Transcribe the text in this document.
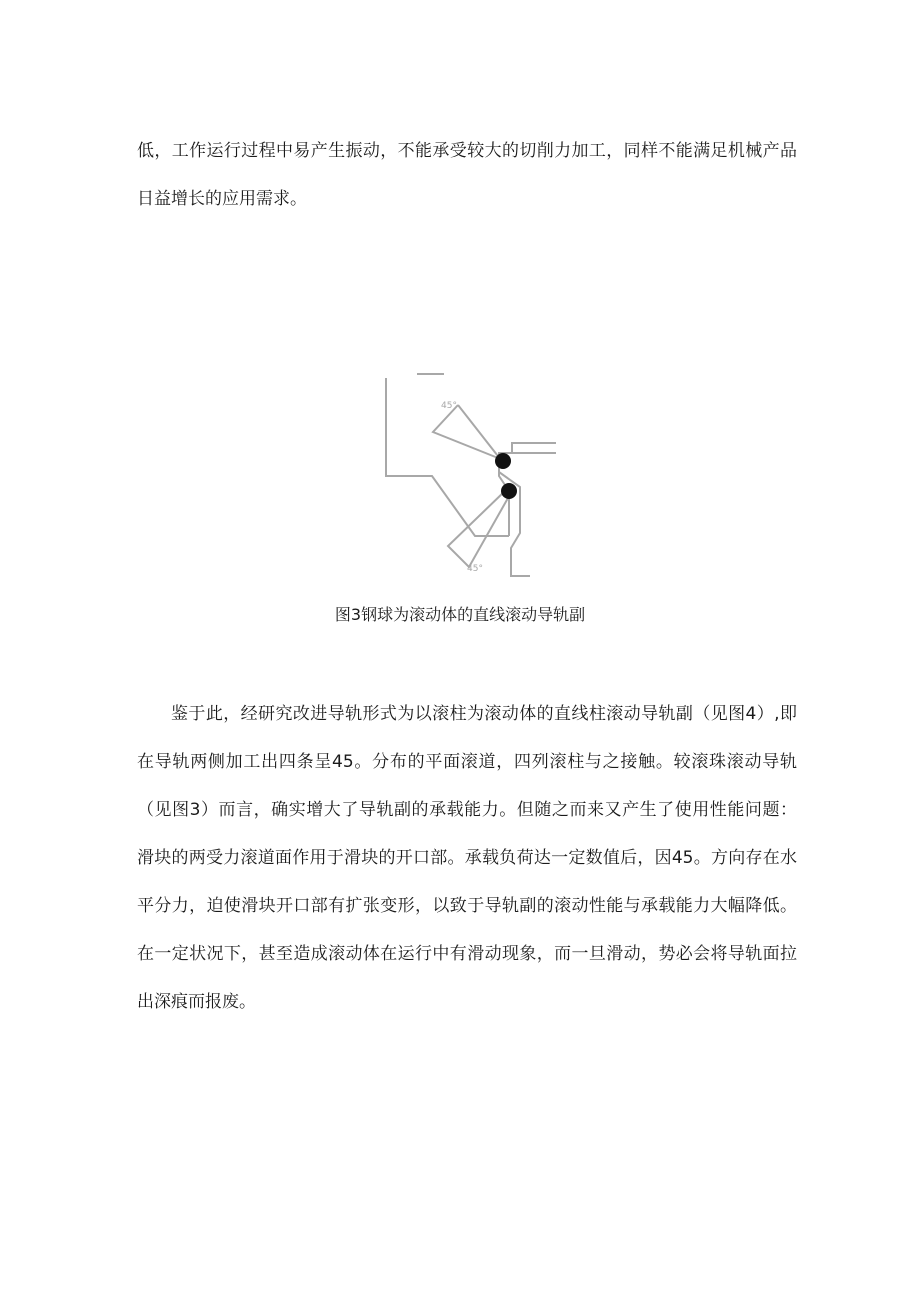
低，工作运行过程中易产生振动，不能承受较大的切削力加工，同样不能满足机械产品
日益增长的应用需求。
45°
45°
图3钢球为滚动体的直线滚动导轨副
鉴于此，经研究改进导轨形式为以滚柱为滚动体的直线柱滚动导轨副（见图4）,即
在导轨两侧加工出四条呈45。分布的平面滚道，四列滚柱与之接触。较滚珠滚动导轨
（见图3）而言，确实增大了导轨副的承载能力。但随之而来又产生了使用性能问题：
滑块的两受力滚道面作用于滑块的开口部。承载负荷达一定数值后，因45。方向存在水
平分力，迫使滑块开口部有扩张变形，以致于导轨副的滚动性能与承载能力大幅降低。
在一定状况下，甚至造成滚动体在运行中有滑动现象，而一旦滑动，势必会将导轨面拉
出深痕而报废。
